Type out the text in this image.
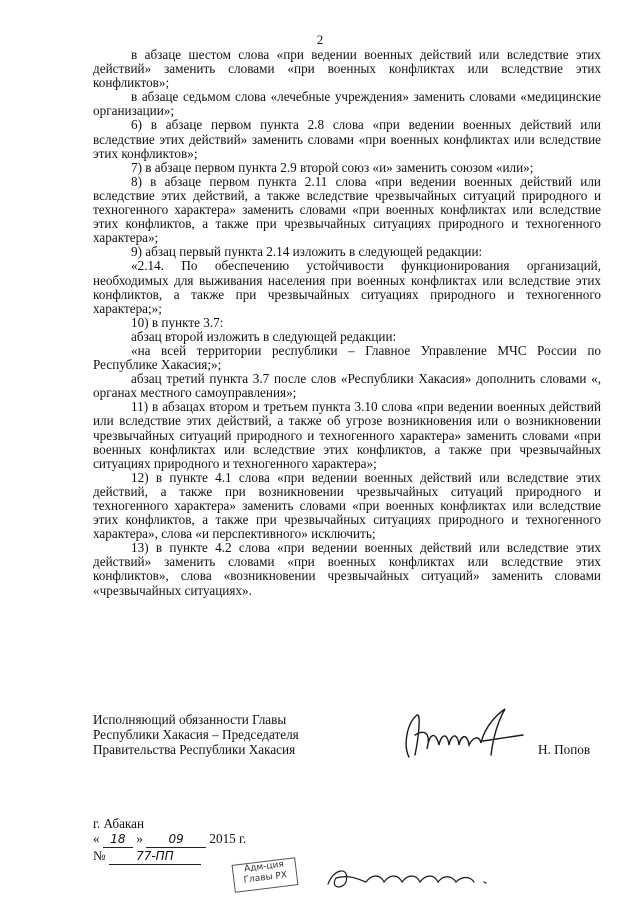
2

в абзаце шестом слова «при ведении военных действий или вследствие этих действий» заменить словами «при военных конфликтах или вследствие этих конфликтов»;

в абзаце седьмом слова «лечебные учреждения» заменить словами «медицинские организации»;

6) в абзаце первом пункта 2.8 слова «при ведении военных действий или вследствие этих действий» заменить словами «при военных конфликтах или вследствие этих конфликтов»;

7) в абзаце первом пункта 2.9 второй союз «и» заменить союзом «или»;

8) в абзаце первом пункта 2.11 слова «при ведении военных действий или вследствие этих действий, а также вследствие чрезвычайных ситуаций природного и техногенного характера» заменить словами «при военных конфликтах или вследствие этих конфликтов, а также при чрезвычайных ситуациях природного и техногенного характера»;

9) абзац первый пункта 2.14 изложить в следующей редакции:

«2.14. По обеспечению устойчивости функционирования организаций, необходимых для выживания населения при военных конфликтах или вследствие этих конфликтов, а также при чрезвычайных ситуациях природного и техногенного характера;»;

10) в пункте 3.7:

абзац второй изложить в следующей редакции:

«на всей территории республики – Главное Управление МЧС России по Республике Хакасия;»;

абзац третий пункта 3.7 после слов «Республики Хакасия» дополнить словами «, органах местного самоуправления»;

11) в абзацах втором и третьем пункта 3.10 слова «при ведении военных действий или вследствие этих действий, а также об угрозе возникновения или о возникновении чрезвычайных ситуаций природного и техногенного характера» заменить словами «при военных конфликтах или вследствие этих конфликтов, а также при чрезвычайных ситуациях природного и техногенного характера»;

12) в пункте 4.1 слова «при ведении военных действий или вследствие этих действий, а также при возникновении чрезвычайных ситуаций природного и техногенного характера» заменить словами «при военных конфликтах или вследствие этих конфликтов, а также при чрезвычайных ситуациях природного и техногенного характера», слова «и перспективного» исключить;

13) в пункте 4.2 слова «при ведении военных действий или вследствие этих действий» заменить словами «при военных конфликтах или вследствие этих конфликтов», слова «возникновении чрезвычайных ситуаций» заменить словами «чрезвычайных ситуациях».

Исполняющий обязанности Главы
Республики Хакасия – Председателя
Правительства Республики Хакасия	Н. Попов
г. Абакан
« 18 » 09 2015 г.
№	77-ПП
Адм-ция
Главы РХ
